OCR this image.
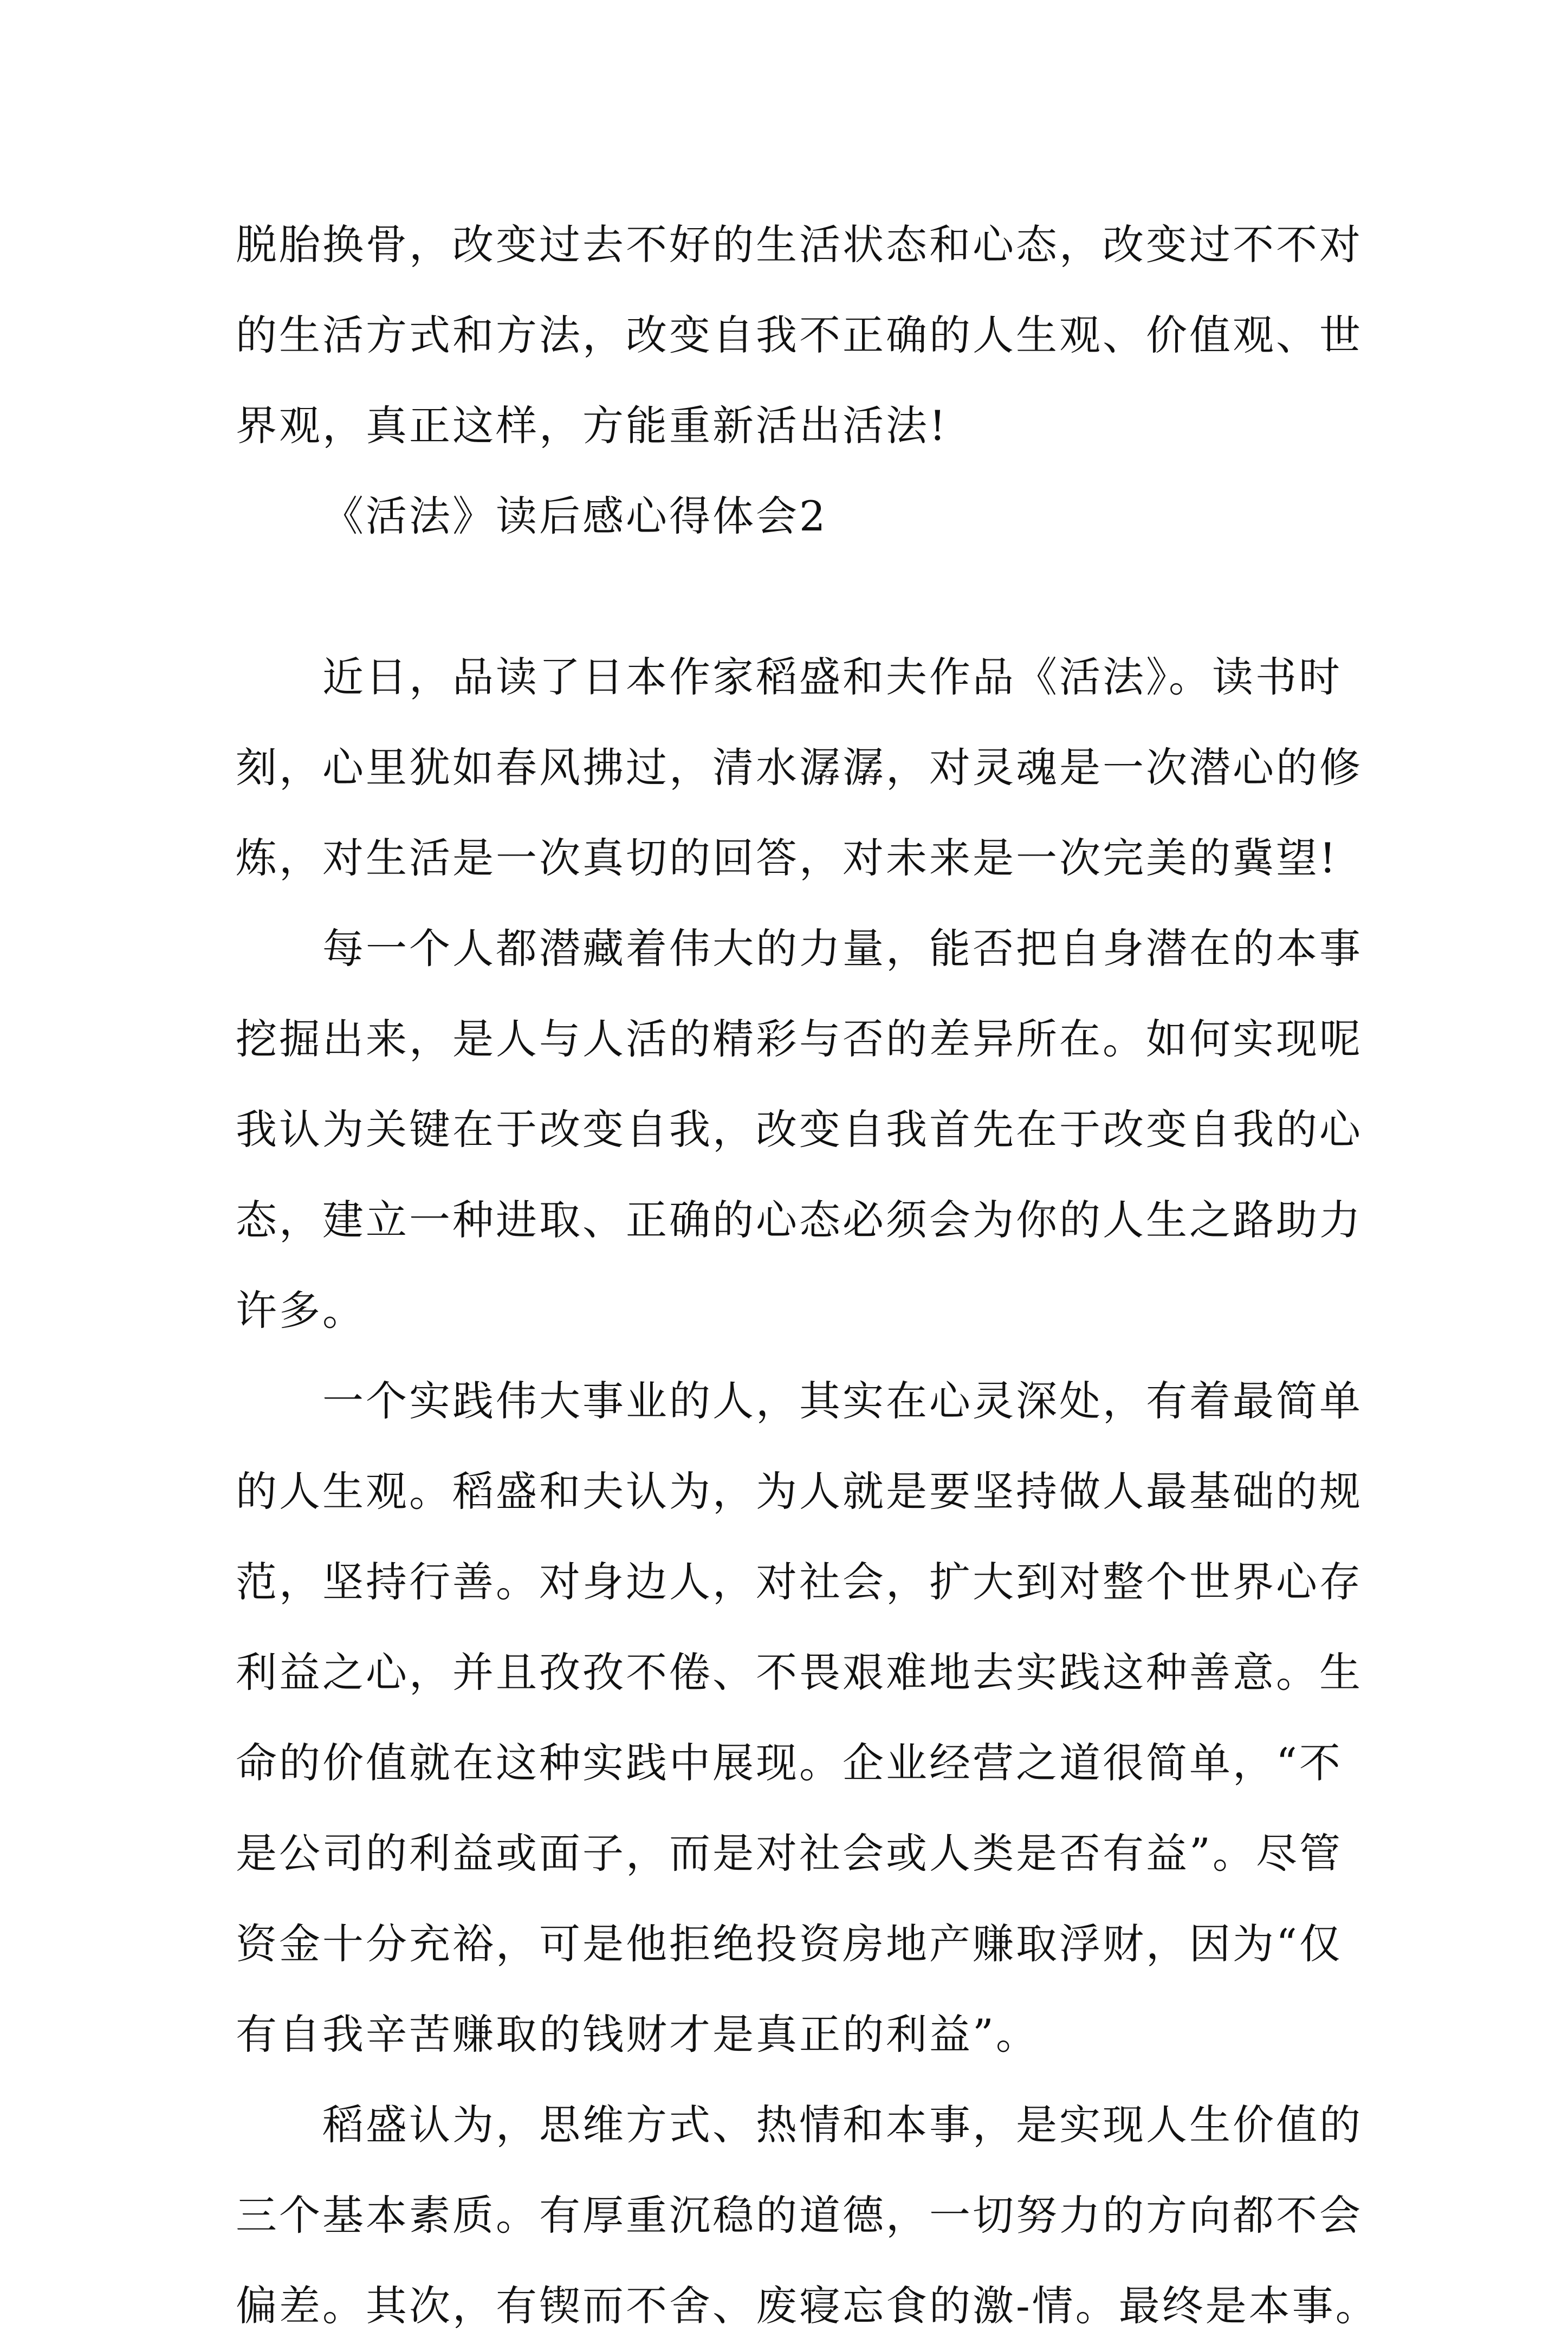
脱胎换骨，改变过去不好的生活状态和心态，改变过不不对
的生活方式和方法，改变自我不正确的人生观、价值观、世
界观，真正这样，方能重新活出活法!
《活法》读后感心得体会2
近日，品读了日本作家稻盛和夫作品《活法》。读书时
刻，心里犹如春风拂过，清水潺潺，对灵魂是一次潜心的修
炼，对生活是一次真切的回答，对未来是一次完美的冀望!
每一个人都潜藏着伟大的力量，能否把自身潜在的本事
挖掘出来，是人与人活的精彩与否的差异所在。如何实现呢
我认为关键在于改变自我，改变自我首先在于改变自我的心
态，建立一种进取、正确的心态必须会为你的人生之路助力
许多。
一个实践伟大事业的人，其实在心灵深处，有着最简单
的人生观。稻盛和夫认为，为人就是要坚持做人最基础的规
范，坚持行善。对身边人，对社会，扩大到对整个世界心存
利益之心，并且孜孜不倦、不畏艰难地去实践这种善意。生
命的价值就在这种实践中展现。企业经营之道很简单，“不
是公司的利益或面子，而是对社会或人类是否有益”。尽管
资金十分充裕，可是他拒绝投资房地产赚取浮财，因为“仅
有自我辛苦赚取的钱财才是真正的利益”。
稻盛认为，思维方式、热情和本事，是实现人生价值的
三个基本素质。有厚重沉稳的道德，一切努力的方向都不会
偏差。其次，有锲而不舍、废寝忘食的激-情。最终是本事。
